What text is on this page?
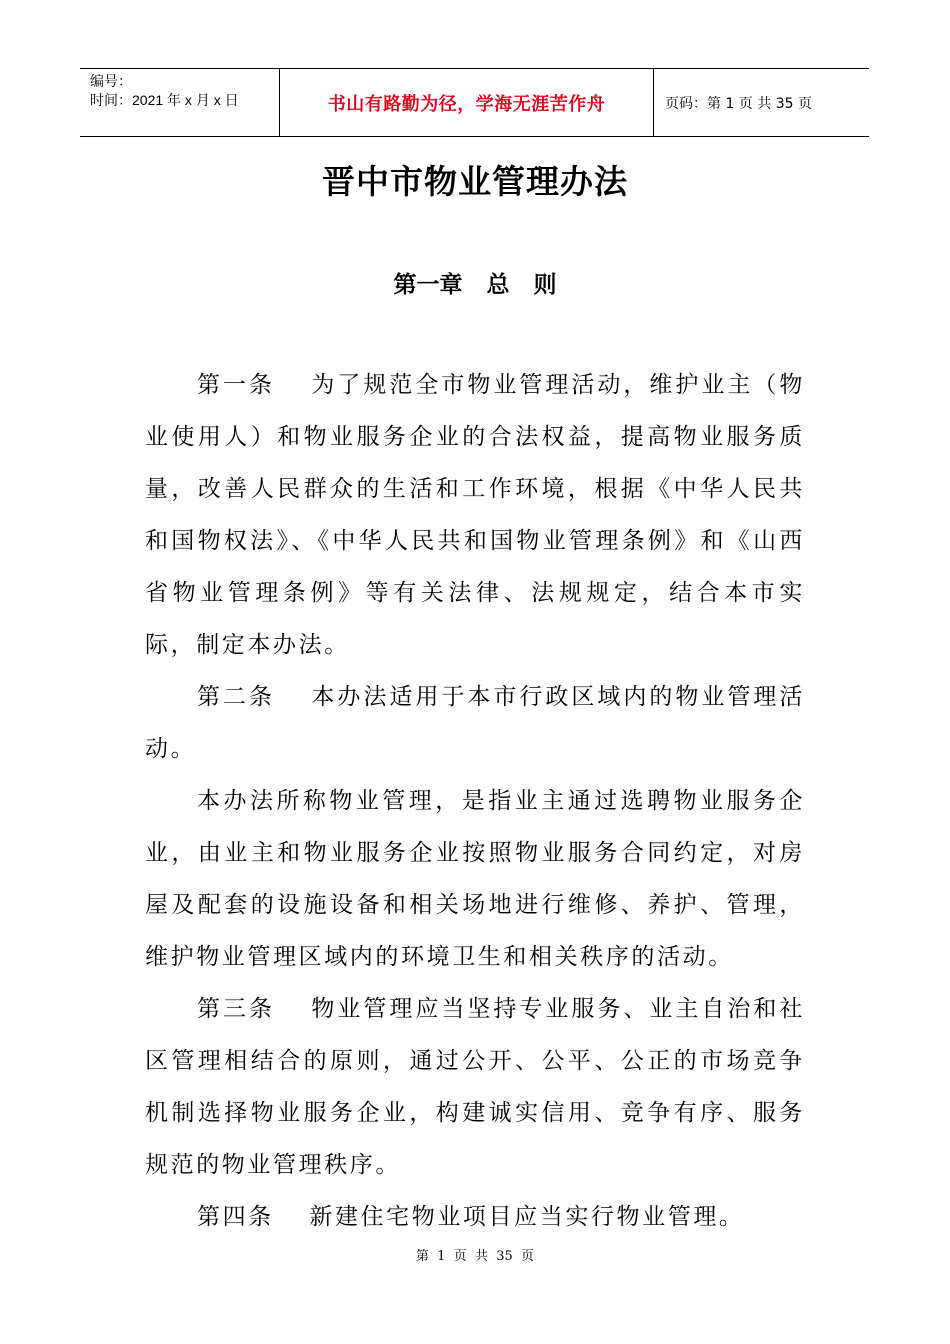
编号：
时间：2021 年 x 月 x 日	书山有路勤为径，学海无涯苦作舟	页码：第 1 页 共 35 页
晋中市物业管理办法
第一章   总   则

第一条　 为了规范全市物业管理活动，维护业主（物业使用人）和物业服务企业的合法权益，提高物业服务质量，改善人民群众的生活和工作环境，根据《中华人民共和国物权法》、《中华人民共和国物业管理条例》和《山西省物业管理条例》等有关法律、法规规定，结合本市实际，制定本办法。

第二条　 本办法适用于本市行政区域内的物业管理活动。

本办法所称物业管理，是指业主通过选聘物业服务企业，由业主和物业服务企业按照物业服务合同约定，对房屋及配套的设施设备和相关场地进行维修、养护、管理，维护物业管理区域内的环境卫生和相关秩序的活动。

第三条　 物业管理应当坚持专业服务、业主自治和社区管理相结合的原则，通过公开、公平、公正的市场竞争机制选择物业服务企业，构建诚实信用、竞争有序、服务规范的物业管理秩序。

第四条　 新建住宅物业项目应当实行物业管理。

第  1  页  共  35  页
